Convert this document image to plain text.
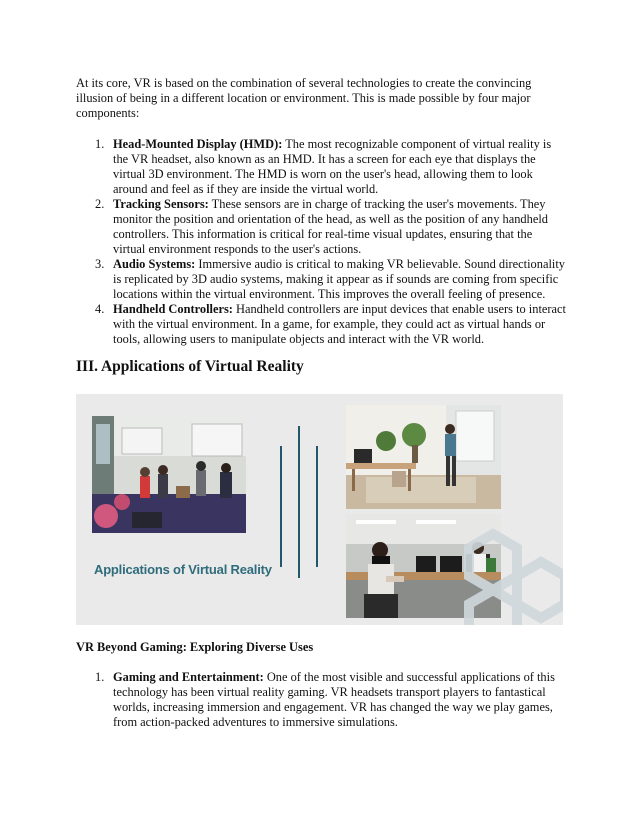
At its core, VR is based on the combination of several technologies to create the convincing illusion of being in a different location or environment. This is made possible by four major components:

1. Head-Mounted Display (HMD): The most recognizable component of virtual reality is the VR headset, also known as an HMD. It has a screen for each eye that displays the virtual 3D environment. The HMD is worn on the user's head, allowing them to look around and feel as if they are inside the virtual world.
2. Tracking Sensors: These sensors are in charge of tracking the user's movements. They monitor the position and orientation of the head, as well as the position of any handheld controllers. This information is critical for real-time visual updates, ensuring that the virtual environment responds to the user's actions.
3. Audio Systems: Immersive audio is critical to making VR believable. Sound directionality is replicated by 3D audio systems, making it appear as if sounds are coming from specific locations within the virtual environment. This improves the overall feeling of presence.
4. Handheld Controllers: Handheld controllers are input devices that enable users to interact with the virtual environment. In a game, for example, they could act as virtual hands or tools, allowing users to manipulate objects and interact with the VR world.
III. Applications of Virtual Reality
Applications of Virtual Reality
VR Beyond Gaming: Exploring Diverse Uses
1. Gaming and Entertainment: One of the most visible and successful applications of this technology has been virtual reality gaming. VR headsets transport players to fantastical worlds, increasing immersion and engagement. VR has changed the way we play games, from action-packed adventures to immersive simulations.
